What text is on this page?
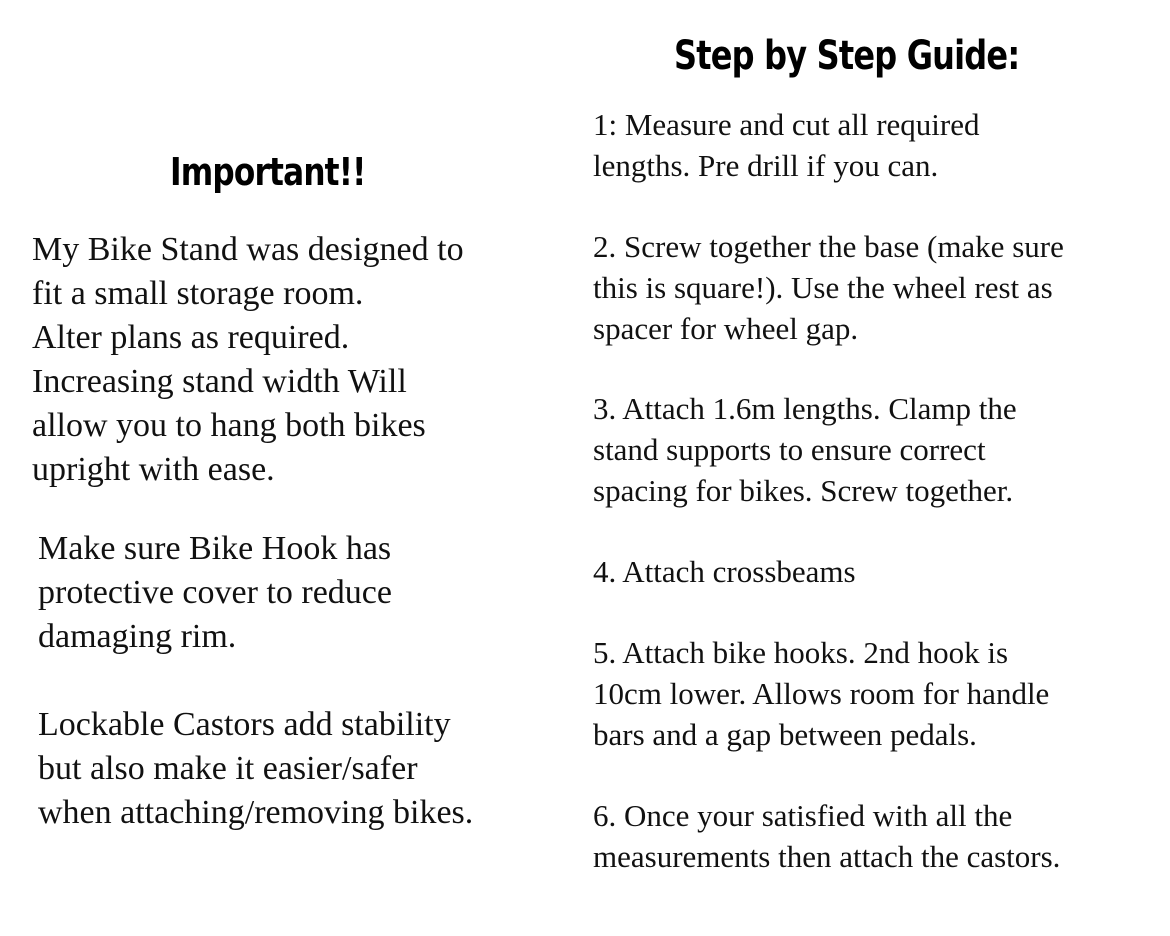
Important!!

My Bike Stand was designed to
fit a small storage room.
Alter plans as required.
Increasing stand width Will
allow you to hang both bikes
upright with ease.

Make sure Bike Hook has
protective cover to reduce
damaging rim.

Lockable Castors add stability
but also make it easier/safer
when attaching/removing bikes.

Step by Step Guide:

1: Measure and cut all required
lengths. Pre drill if you can.

2. Screw together the base (make sure
this is square!). Use the wheel rest as
spacer for wheel gap.

3. Attach 1.6m lengths. Clamp the
stand supports to ensure correct
spacing for bikes. Screw together.

4. Attach crossbeams

5. Attach bike hooks. 2nd hook is
10cm lower. Allows room for handle
bars and a gap between pedals.

6. Once your satisfied with all the
measurements then attach the castors.
